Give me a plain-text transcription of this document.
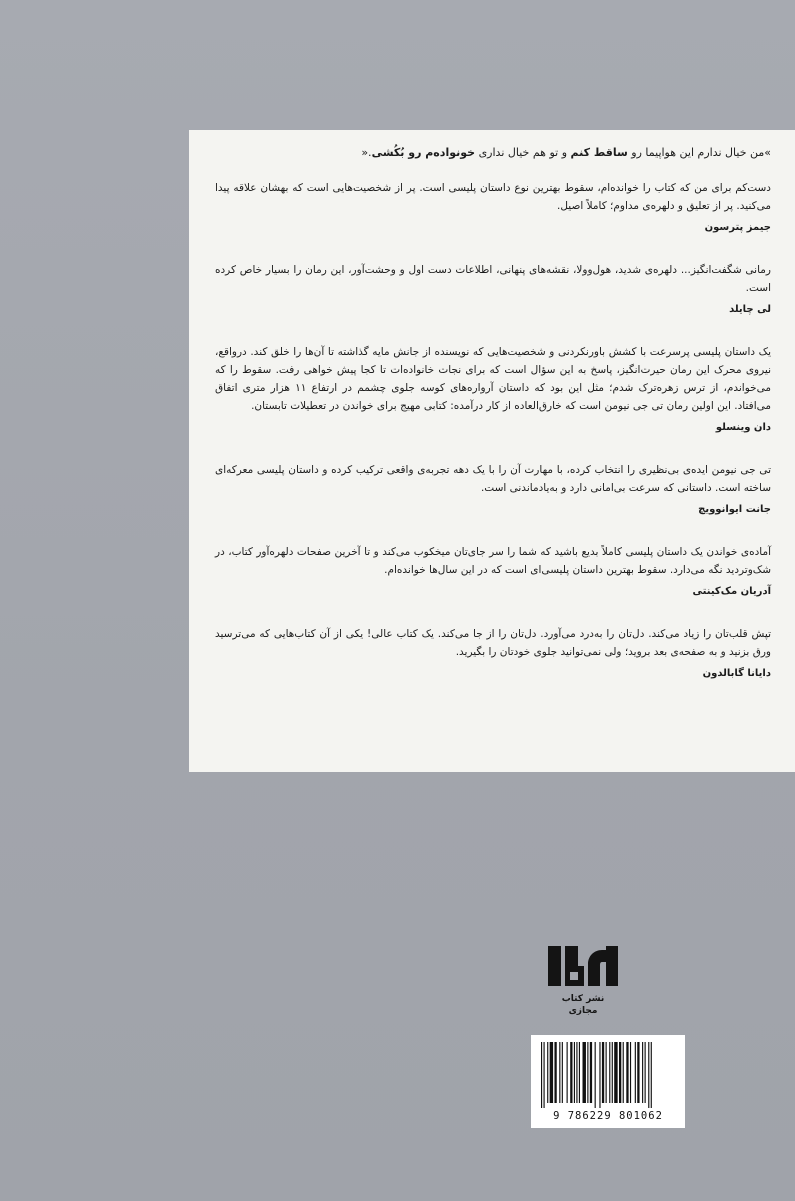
»من خیال ندارم این هواپیما رو ساقط کنم و تو هم خیال نداری خونواده‌م رو بُکُشی.«

دست‌کم برای من که کتاب را خوانده‌ام، سقوط بهترین نوع داستان پلیسی است. پر از شخصیت‌هایی است که بهشان علاقه پیدا می‌کنید. پر از تعلیق و دلهره‌ی مداوم؛ کاملاً اصیل.

جیمز پترسون

رمانی شگفت‌انگیز... دلهره‌ی شدید، هول‌وولا، نقشه‌های پنهانی، اطلاعات دست اول و وحشت‌آور، این رمان را بسیار خاص کرده است.

لی چایلد

یک داستان پلیسی پرسرعت با کشش باورنکردنی و شخصیت‌هایی که نویسنده از جانش مایه گذاشته تا آن‌ها را خلق کند. درواقع، نیروی محرک این رمان حیرت‌انگیز، پاسخ به این سؤال است که برای نجات خانواده‌ات تا کجا پیش خواهی رفت. سقوط را که می‌خواندم، از ترس زهره‌ترک شدم؛ مثل این بود که داستان آرواره‌های کوسه جلوی چشمم در ارتفاع ۱۱ هزار متری اتفاق می‌افتاد. این اولین رمان تی جی نیومن است که خارق‌العاده از کار درآمده: کتابی مهیج برای خواندن در تعطیلات تابستان.

دان وینسلو

تی جی نیومن ایده‌ی بی‌نظیری را انتخاب کرده، با مهارت آن را با یک دهه تجربه‌ی واقعی ترکیب کرده و داستان پلیسی معرکه‌ای ساخته است. داستانی که سرعت بی‌امانی دارد و به‌یادماندنی است.

جانت ایوانوویچ

آماده‌ی خواندن یک داستان پلیسی کاملاً بدیع باشید که شما را سر جای‌تان میخکوب می‌کند و تا آخرین صفحات دلهره‌آور کتاب، در شک‌وتردید نگه می‌دارد. سقوط بهترین داستان پلیسی‌ای است که در این سال‌ها خوانده‌ام.

آدریان مک‌کینتی

تپش قلب‌تان را زیاد می‌کند. دل‌تان را به‌درد می‌آورد. دل‌تان را از جا می‌کند. یک کتاب عالی! یکی از آن کتاب‌هایی که می‌ترسید ورق بزنید و به صفحه‌ی بعد بروید؛ ولی نمی‌توانید جلوی خودتان را بگیرید.

دایانا گابالدون

نشر کتاب مجازی
9 786229 801062
